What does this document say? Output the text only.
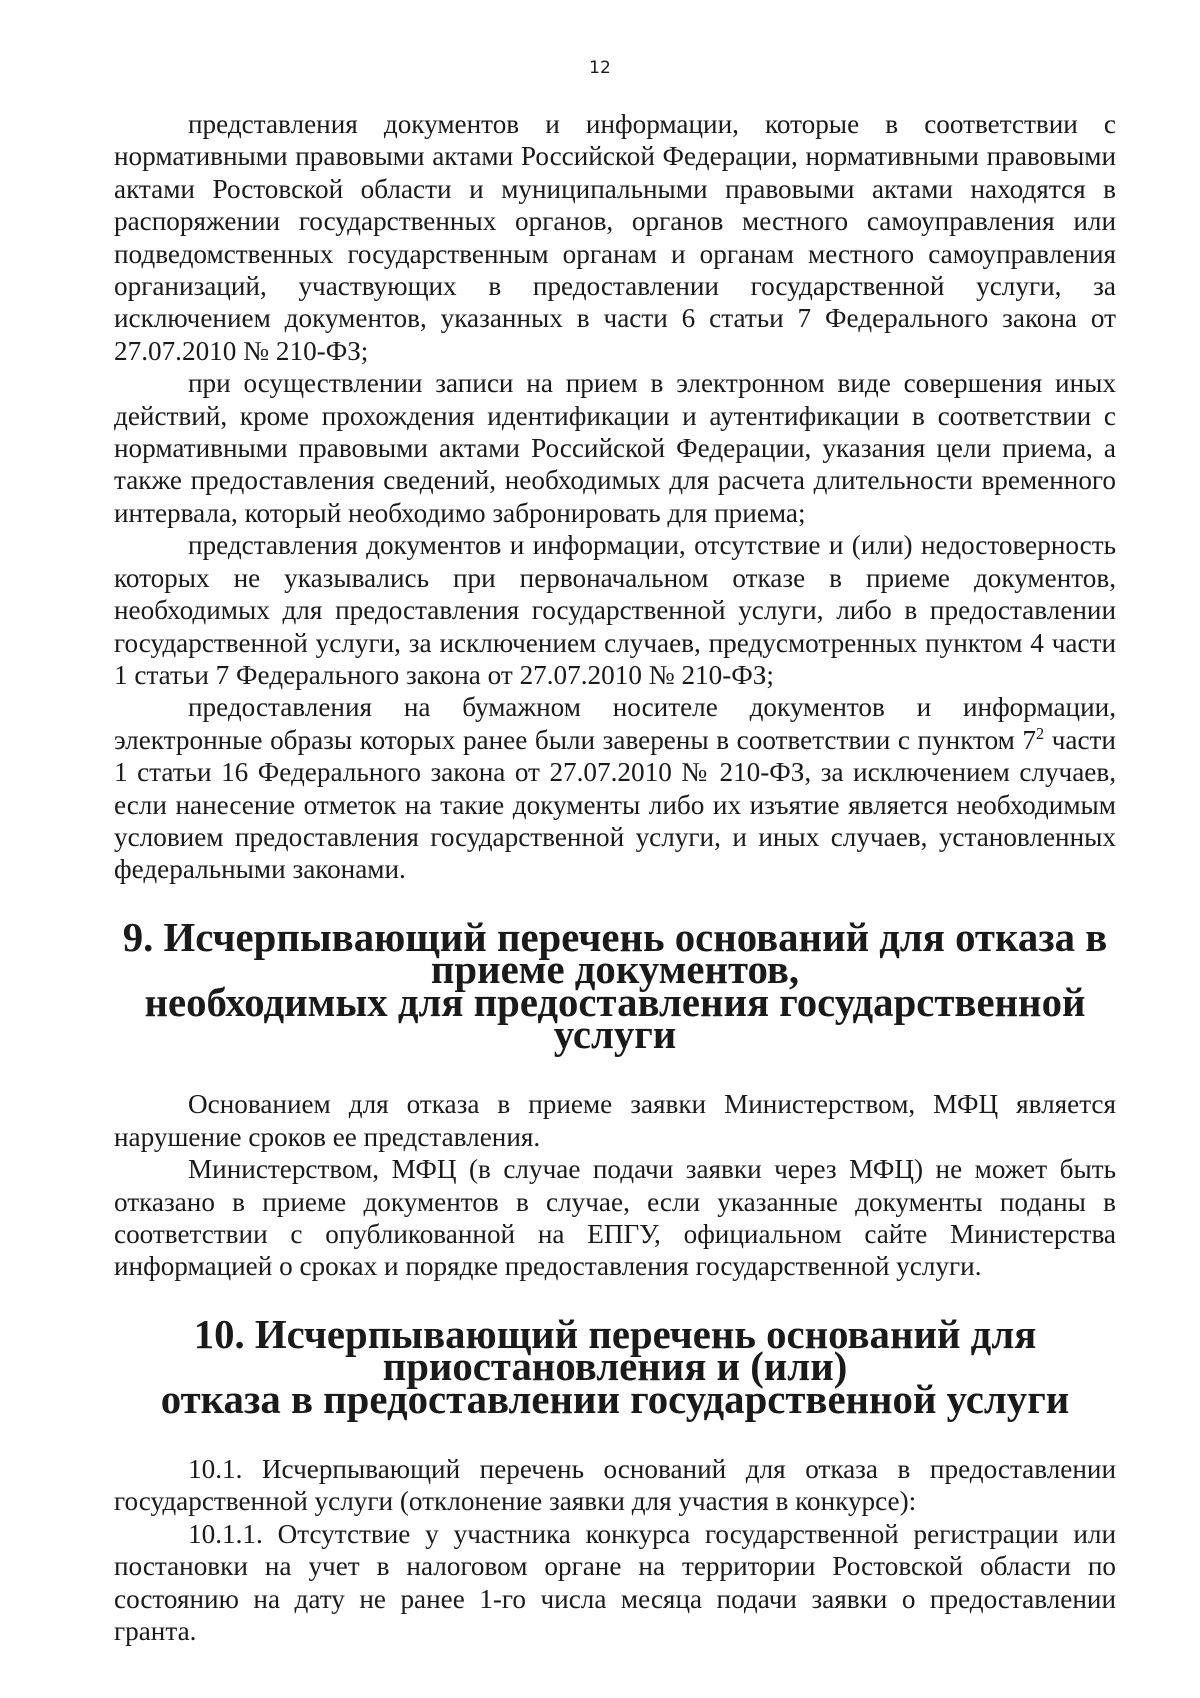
12

представления документов и информации, которые в соответствии с нормативными правовыми актами Российской Федерации, нормативными правовыми актами Ростовской области и муниципальными правовыми актами находятся в распоряжении государственных органов, органов местного самоуправления или подведомственных государственным органам и органам местного самоуправления организаций, участвующих в предоставлении государственной услуги, за исключением документов, указанных в части 6 статьи 7 Федерального закона от 27.07.2010 № 210-ФЗ;

при осуществлении записи на прием в электронном виде совершения иных действий, кроме прохождения идентификации и аутентификации в соответствии с нормативными правовыми актами Российской Федерации, указания цели приема, а также предоставления сведений, необходимых для расчета длительности временного интервала, который необходимо забронировать для приема;

представления документов и информации, отсутствие и (или) недостоверность которых не указывались при первоначальном отказе в приеме документов, необходимых для предоставления государственной услуги, либо в предоставлении государственной услуги, за исключением случаев, предусмотренных пунктом 4 части 1 статьи 7 Федерального закона от 27.07.2010 № 210-ФЗ;

предоставления на бумажном носителе документов и информации, электронные образы которых ранее были заверены в соответствии с пунктом $7^2$ части 1 статьи 16 Федерального закона от 27.07.2010 № 210-ФЗ, за исключением случаев, если нанесение отметок на такие документы либо их изъятие является необходимым условием предоставления государственной услуги, и иных случаев, установленных федеральными законами.

9. Исчерпывающий перечень оснований для отказа в приеме документов,
необходимых для предоставления государственной услуги

Основанием для отказа в приеме заявки Министерством, МФЦ является нарушение сроков ее представления.

Министерством, МФЦ (в случае подачи заявки через МФЦ) не может быть отказано в приеме документов в случае, если указанные документы поданы в соответствии с опубликованной на ЕПГУ, официальном сайте Министерства информацией о сроках и порядке предоставления государственной услуги.

10. Исчерпывающий перечень оснований для приостановления и (или)
отказа в предоставлении государственной услуги

10.1. Исчерпывающий перечень оснований для отказа в предоставлении государственной услуги (отклонение заявки для участия в конкурсе):

10.1.1. Отсутствие у участника конкурса государственной регистрации или постановки на учет в налоговом органе на территории Ростовской области по состоянию на дату не ранее 1-го числа месяца подачи заявки о предоставлении гранта.
